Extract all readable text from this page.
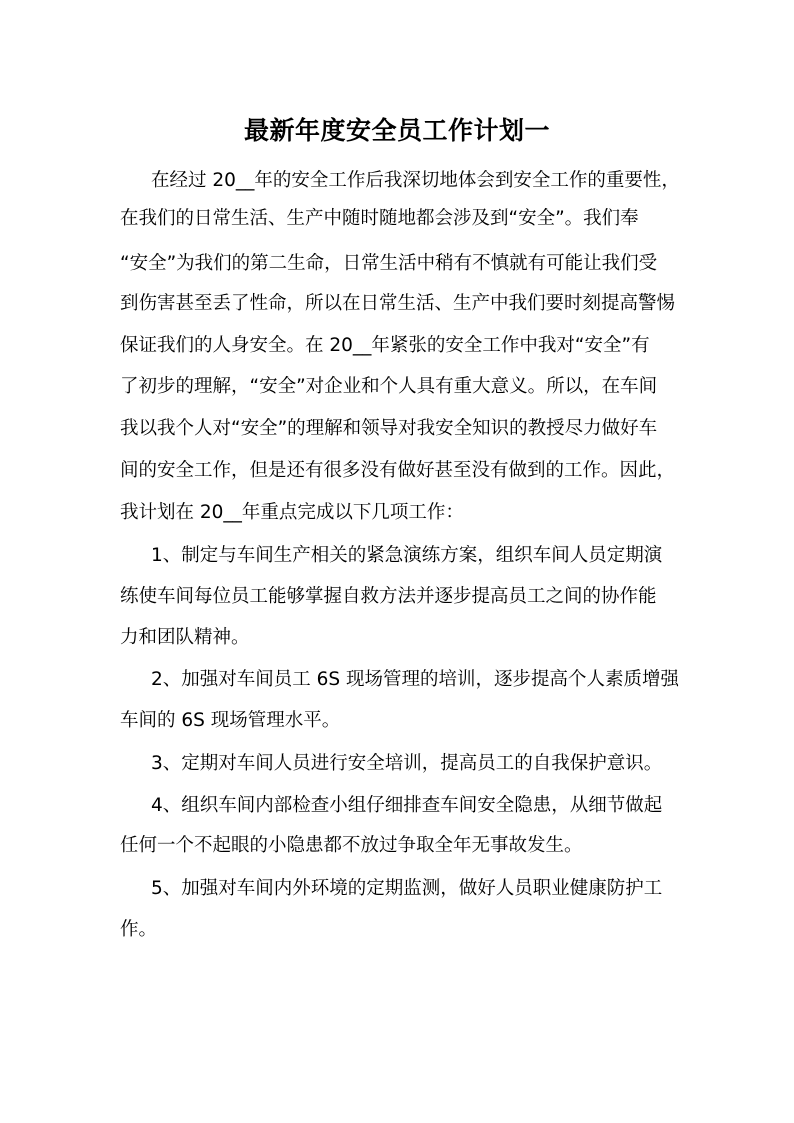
最新年度安全员工作计划一

在经过 20__年的安全工作后我深切地体会到安全工作的重要性，

在我们的日常生活、生产中随时随地都会涉及到“安全”。我们奉

“安全”为我们的第二生命，日常生活中稍有不慎就有可能让我们受

到伤害甚至丢了性命，所以在日常生活、生产中我们要时刻提高警惕

保证我们的人身安全。在 20__年紧张的安全工作中我对“安全”有

了初步的理解，“安全”对企业和个人具有重大意义。所以，在车间

我以我个人对“安全”的理解和领导对我安全知识的教授尽力做好车

间的安全工作，但是还有很多没有做好甚至没有做到的工作。因此，

我计划在 20__年重点完成以下几项工作：

1、制定与车间生产相关的紧急演练方案，组织车间人员定期演

练使车间每位员工能够掌握自救方法并逐步提高员工之间的协作能

力和团队精神。

2、加强对车间员工 6S 现场管理的培训，逐步提高个人素质增强

车间的 6S 现场管理水平。

3、定期对车间人员进行安全培训，提高员工的自我保护意识。

4、组织车间内部检查小组仔细排查车间安全隐患，从细节做起

任何一个不起眼的小隐患都不放过争取全年无事故发生。

5、加强对车间内外环境的定期监测，做好人员职业健康防护工

作。
